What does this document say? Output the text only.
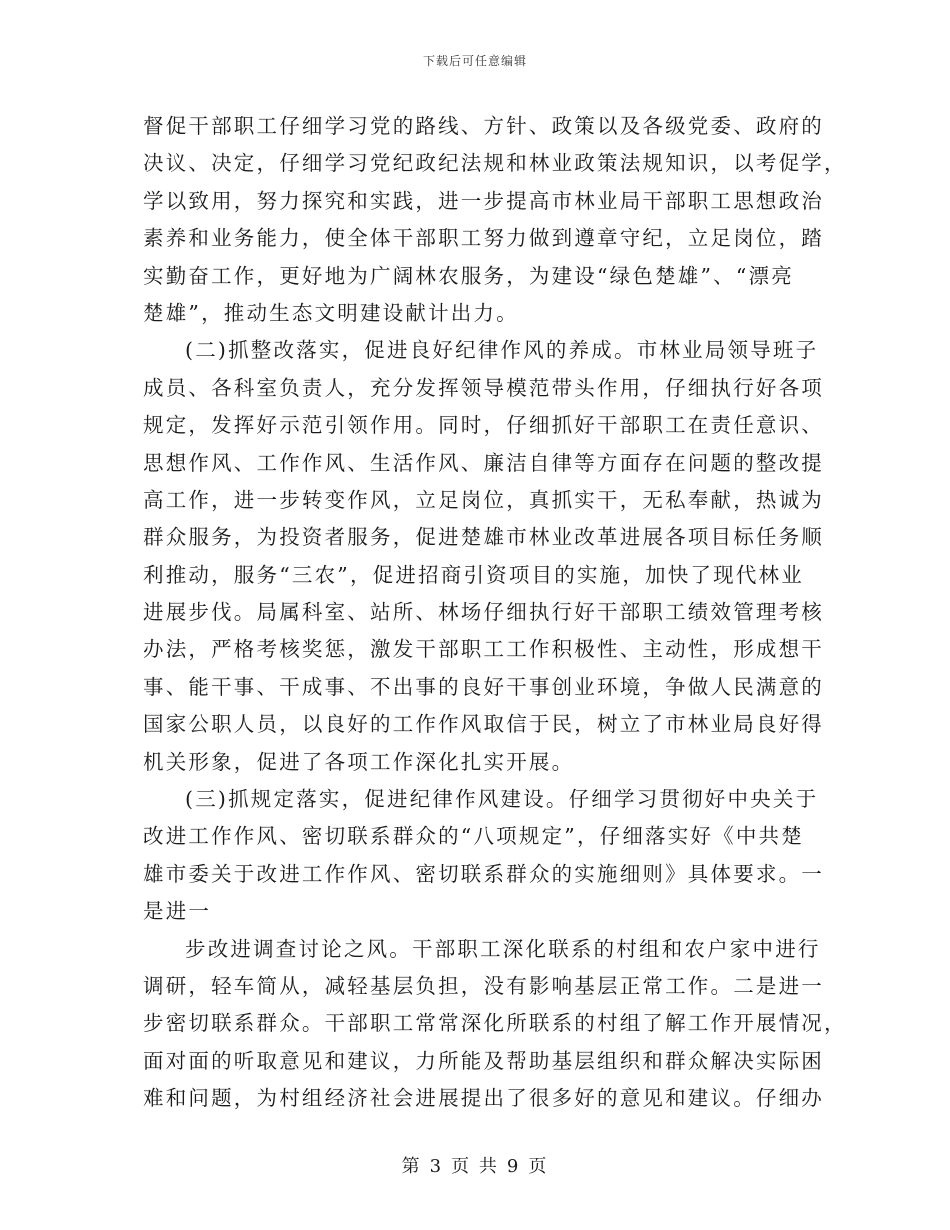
下载后可任意编辑
督促干部职工仔细学习党的路线、方针、政策以及各级党委、政府的
决议、决定，仔细学习党纪政纪法规和林业政策法规知识，以考促学，
学以致用，努力探究和实践，进一步提高市林业局干部职工思想政治
素养和业务能力，使全体干部职工努力做到遵章守纪，立足岗位，踏
实勤奋工作，更好地为广阔林农服务，为建设“绿色楚雄”、“漂亮
楚雄”，推动生态文明建设献计出力。
(二)抓整改落实，促进良好纪律作风的养成。市林业局领导班子
成员、各科室负责人，充分发挥领导模范带头作用，仔细执行好各项
规定，发挥好示范引领作用。同时，仔细抓好干部职工在责任意识、
思想作风、工作作风、生活作风、廉洁自律等方面存在问题的整改提
高工作，进一步转变作风，立足岗位，真抓实干，无私奉献，热诚为
群众服务，为投资者服务，促进楚雄市林业改革进展各项目标任务顺
利推动，服务“三农”，促进招商引资项目的实施，加快了现代林业
进展步伐。局属科室、站所、林场仔细执行好干部职工绩效管理考核
办法，严格考核奖惩，激发干部职工工作积极性、主动性，形成想干
事、能干事、干成事、不出事的良好干事创业环境，争做人民满意的
国家公职人员，以良好的工作作风取信于民，树立了市林业局良好得
机关形象，促进了各项工作深化扎实开展。
(三)抓规定落实，促进纪律作风建设。仔细学习贯彻好中央关于
改进工作作风、密切联系群众的“八项规定”，仔细落实好《中共楚
雄市委关于改进工作作风、密切联系群众的实施细则》具体要求。一
是进一
步改进调查讨论之风。干部职工深化联系的村组和农户家中进行
调研，轻车简从，减轻基层负担，没有影响基层正常工作。二是进一
步密切联系群众。干部职工常常深化所联系的村组了解工作开展情况，
面对面的听取意见和建议，力所能及帮助基层组织和群众解决实际困
难和问题，为村组经济社会进展提出了很多好的意见和建议。仔细办
第 3 页 共 9 页
